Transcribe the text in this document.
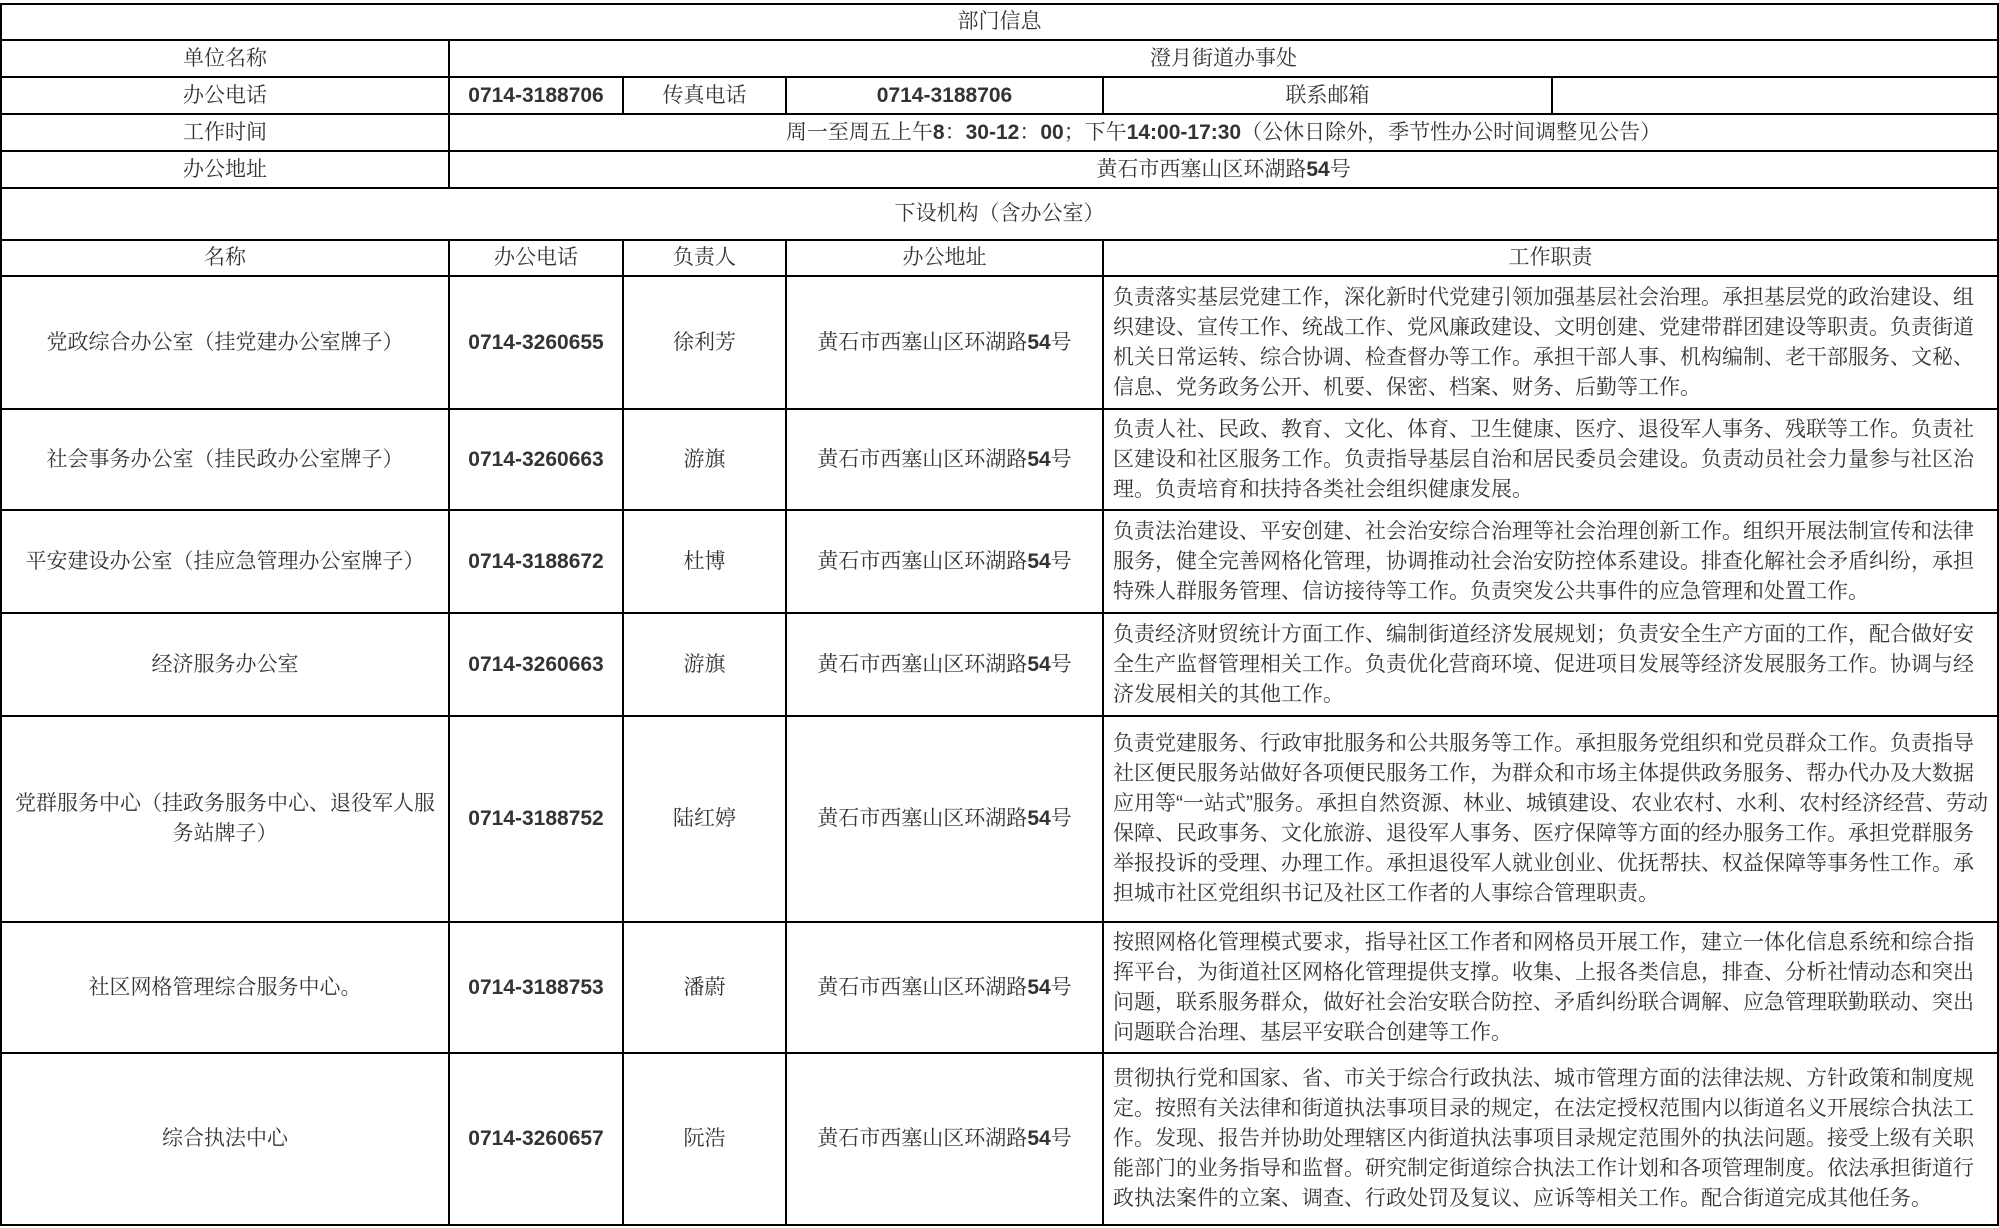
部门信息					
单位名称	澄月街道办事处				
办公电话	0714-3188706	传真电话	0714-3188706	联系邮箱	
工作时间	周一至周五上午8：30-12：00；下午14:00-17:30（公休日除外，季节性办公时间调整见公告）				
办公地址	黄石市西塞山区环湖路54号				
下设机构（含办公室）					
名称	办公电话	负责人	办公地址	工作职责	
党政综合办公室（挂党建办公室牌子）	0714-3260655	徐利芳	黄石市西塞山区环湖路54号	负责落实基层党建工作，深化新时代党建引领加强基层社会治理。承担基层党的政治建设、组织建设、宣传工作、统战工作、党风廉政建设、文明创建、党建带群团建设等职责。负责街道机关日常运转、综合协调、检查督办等工作。承担干部人事、机构编制、老干部服务、文秘、信息、党务政务公开、机要、保密、档案、财务、后勤等工作。	
社会事务办公室（挂民政办公室牌子）	0714-3260663	游旗	黄石市西塞山区环湖路54号	负责人社、民政、教育、文化、体育、卫生健康、医疗、退役军人事务、残联等工作。负责社区建设和社区服务工作。负责指导基层自治和居民委员会建设。负责动员社会力量参与社区治理。负责培育和扶持各类社会组织健康发展。	
平安建设办公室（挂应急管理办公室牌子）	0714-3188672	杜博	黄石市西塞山区环湖路54号	负责法治建设、平安创建、社会治安综合治理等社会治理创新工作。组织开展法制宣传和法律服务，健全完善网格化管理，协调推动社会治安防控体系建设。排查化解社会矛盾纠纷，承担特殊人群服务管理、信访接待等工作。负责突发公共事件的应急管理和处置工作。	
经济服务办公室	0714-3260663	游旗	黄石市西塞山区环湖路54号	负责经济财贸统计方面工作、编制街道经济发展规划；负责安全生产方面的工作，配合做好安全生产监督管理相关工作。负责优化营商环境、促进项目发展等经济发展服务工作。协调与经济发展相关的其他工作。	
党群服务中心（挂政务服务中心、退役军人服务站牌子）	0714-3188752	陆红婷	黄石市西塞山区环湖路54号	负责党建服务、行政审批服务和公共服务等工作。承担服务党组织和党员群众工作。负责指导社区便民服务站做好各项便民服务工作，为群众和市场主体提供政务服务、帮办代办及大数据应用等“一站式”服务。承担自然资源、林业、城镇建设、农业农村、水利、农村经济经营、劳动保障、民政事务、文化旅游、退役军人事务、医疗保障等方面的经办服务工作。承担党群服务举报投诉的受理、办理工作。承担退役军人就业创业、优抚帮扶、权益保障等事务性工作。承担城市社区党组织书记及社区工作者的人事综合管理职责。	
社区网格管理综合服务中心。	0714-3188753	潘蔚	黄石市西塞山区环湖路54号	按照网格化管理模式要求，指导社区工作者和网格员开展工作，建立一体化信息系统和综合指挥平台，为街道社区网格化管理提供支撑。收集、上报各类信息，排查、分析社情动态和突出问题，联系服务群众，做好社会治安联合防控、矛盾纠纷联合调解、应急管理联勤联动、突出问题联合治理、基层平安联合创建等工作。	
综合执法中心	0714-3260657	阮浩	黄石市西塞山区环湖路54号	贯彻执行党和国家、省、市关于综合行政执法、城市管理方面的法律法规、方针政策和制度规定。按照有关法律和街道执法事项目录的规定，在法定授权范围内以街道名义开展综合执法工作。发现、报告并协助处理辖区内街道执法事项目录规定范围外的执法问题。接受上级有关职能部门的业务指导和监督。研究制定街道综合执法工作计划和各项管理制度。依法承担街道行政执法案件的立案、调查、行政处罚及复议、应诉等相关工作。配合街道完成其他任务。	
